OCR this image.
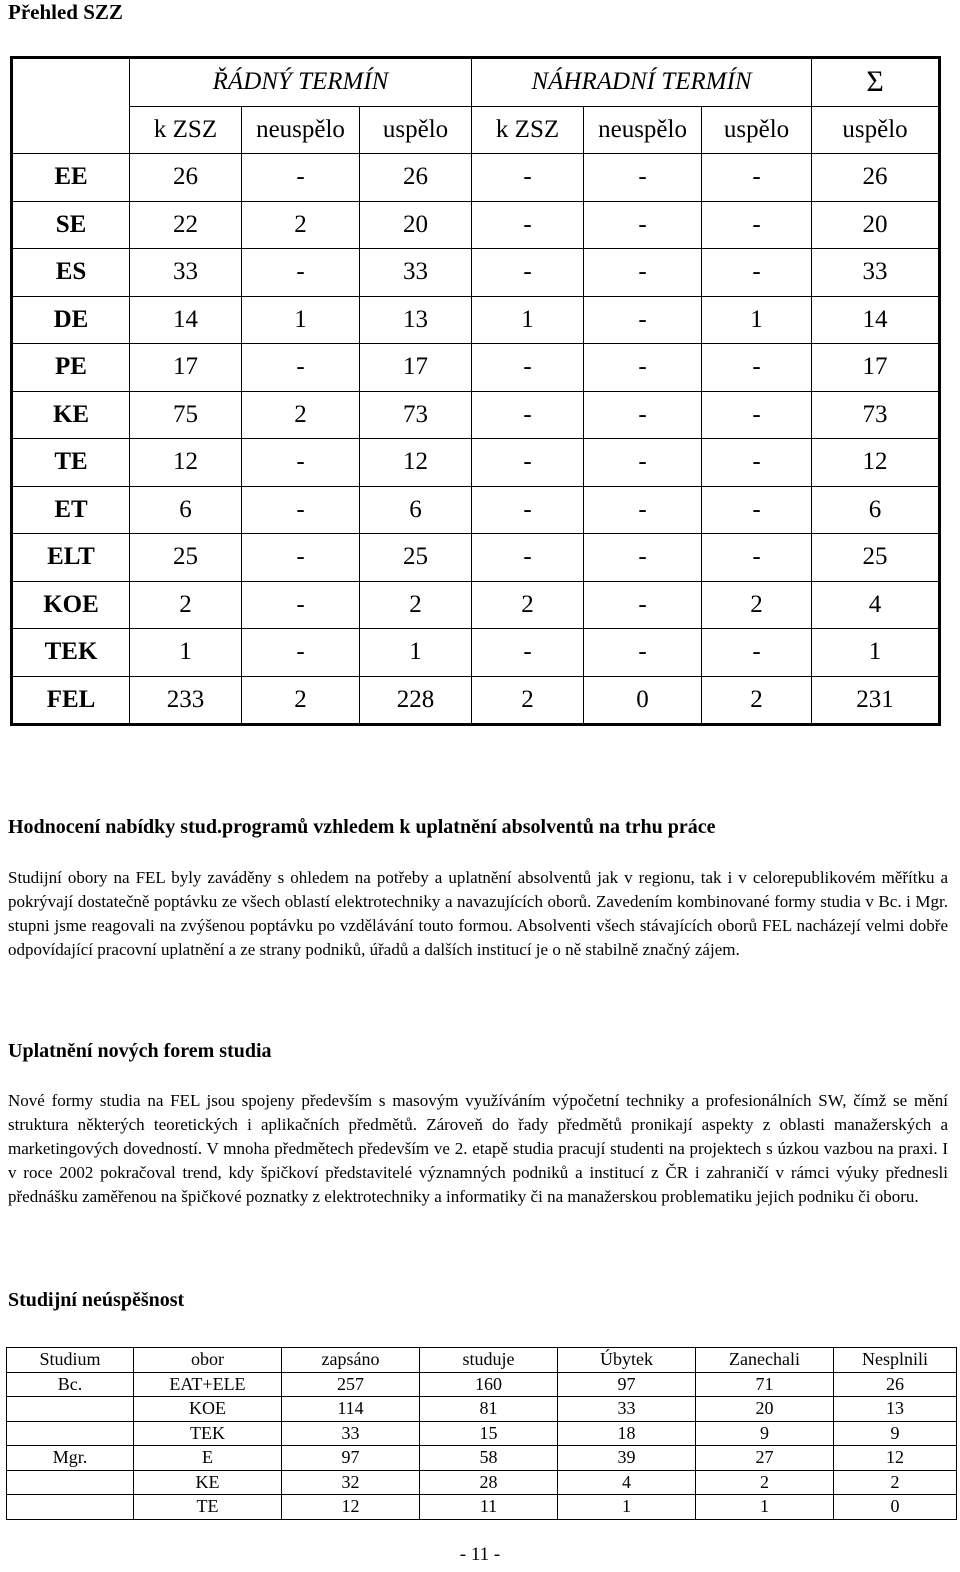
Přehled SZZ
	ŘÁDNÝ TERMÍN			NÁHRADNÍ TERMÍN			Σ
	k ZSZ	neuspělo	uspělo	k ZSZ	neuspělo	uspělo	uspělo
EE	26	-	26	-	-	-	26
SE	22	2	20	-	-	-	20
ES	33	-	33	-	-	-	33
DE	14	1	13	1	-	1	14
PE	17	-	17	-	-	-	17
KE	75	2	73	-	-	-	73
TE	12	-	12	-	-	-	12
ET	6	-	6	-	-	-	6
ELT	25	-	25	-	-	-	25
KOE	2	-	2	2	-	2	4
TEK	1	-	1	-	-	-	1
FEL	233	2	228	2	0	2	231
Hodnocení nabídky stud.programů vzhledem k uplatnění absolventů na trhu práce
Studijní obory na FEL byly zaváděny s ohledem na potřeby a uplatnění absolventů jak v regionu, tak i v celorepublikovém měřítku a pokrývají dostatečně poptávku ze všech oblastí elektrotechniky a navazujících oborů. Zavedením kombinované formy studia v Bc. i Mgr. stupni jsme reagovali na zvýšenou poptávku po vzdělávání touto formou. Absolventi všech stávajících oborů FEL nacházejí velmi dobře odpovídající pracovní uplatnění a ze strany podniků, úřadů a dalších institucí je o ně stabilně značný zájem.
Uplatnění nových forem studia
Nové formy studia na FEL jsou spojeny především s masovým využíváním výpočetní techniky a profesionálních SW, čímž se mění struktura některých teoretických i aplikačních předmětů. Zároveň do řady předmětů pronikají aspekty z oblasti manažerských a marketingových dovedností. V mnoha předmětech především ve 2. etapě studia pracují studenti na projektech s úzkou vazbou na praxi. I v roce 2002 pokračoval trend, kdy špičkoví představitelé významných podniků a institucí z ČR i zahraničí v rámci výuky přednesli přednášku zaměřenou na špičkové poznatky z elektrotechniky a informatiky či na manažerskou problematiku jejich podniku či oboru.
Studijní neúspěšnost
Studium	obor	zapsáno	studuje	Úbytek	Zanechali	Nesplnili
Bc.	EAT+ELE	257	160	97	71	26
	KOE	114	81	33	20	13
	TEK	33	15	18	9	9
Mgr.	E	97	58	39	27	12
	KE	32	28	4	2	2
	TE	12	11	1	1	0
- 11 -
